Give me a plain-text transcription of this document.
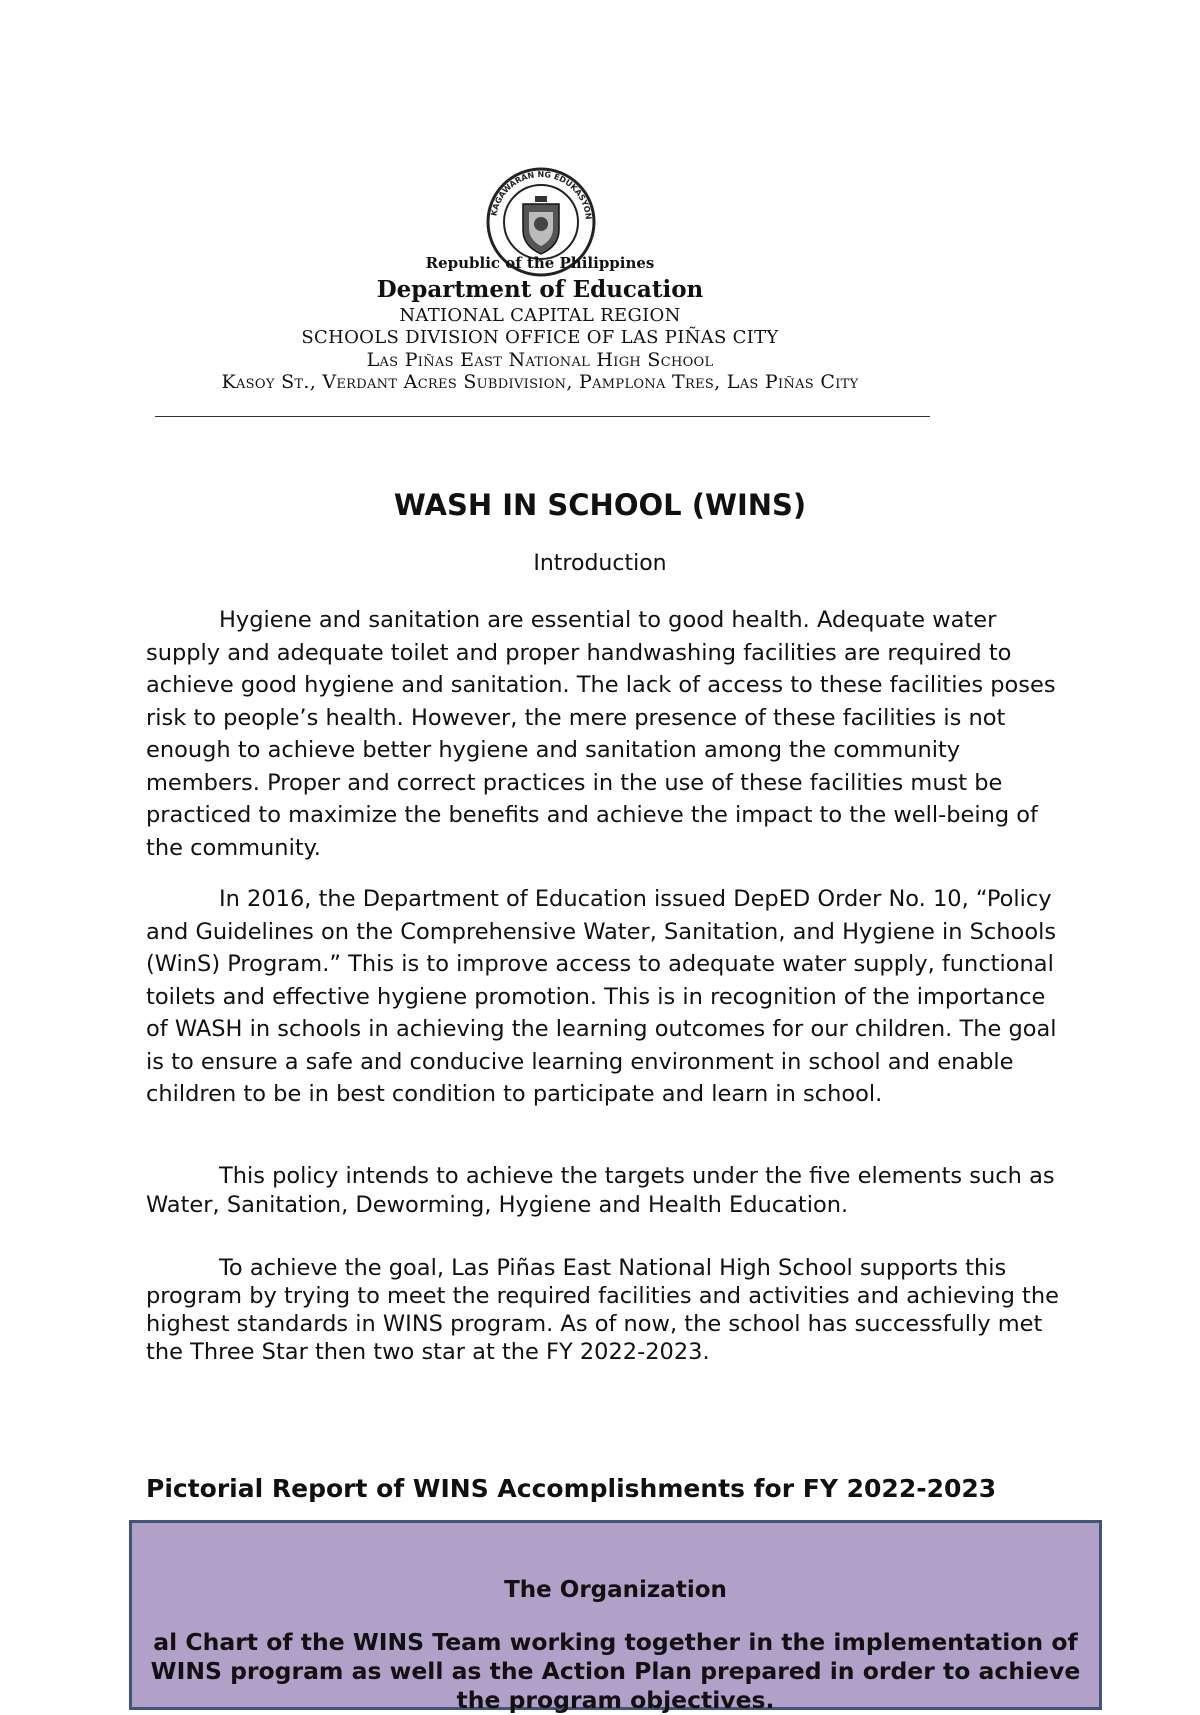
KAGAWARAN NG EDUKASYON
Republic of the Philippines
Department of Education
NATIONAL CAPITAL REGION
SCHOOLS DIVISION OFFICE OF LAS PIÑAS CITY
Las Piñas East National High School
Kasoy St., Verdant Acres Subdivision, Pamplona Tres, Las Piñas City
WASH IN SCHOOL (WINS)
Introduction

Hygiene and sanitation are essential to good health. Adequate water supply and adequate toilet and proper handwashing facilities are required to achieve good hygiene and sanitation. The lack of access to these facilities poses risk to people’s health. However, the mere presence of these facilities is not enough to achieve better hygiene and sanitation among the community members. Proper and correct practices in the use of these facilities must be practiced to maximize the benefits and achieve the impact to the well-being of the community.

In 2016, the Department of Education issued DepED Order No. 10, “Policy and Guidelines on the Comprehensive Water, Sanitation, and Hygiene in Schools (WinS) Program.” This is to improve access to adequate water supply, functional toilets and effective hygiene promotion. This is in recognition of the importance of WASH in schools in achieving the learning outcomes for our children. The goal is to ensure a safe and conducive learning environment in school and enable children to be in best condition to participate and learn in school.

This policy intends to achieve the targets under the five elements such as Water, Sanitation, Deworming, Hygiene and Health Education.

To achieve the goal, Las Piñas East National High School supports this program by trying to meet the required facilities and activities and achieving the highest standards in WINS program. As of now, the school has successfully met the Three Star then two star at the FY 2022-2023.

Pictorial Report of WINS Accomplishments for FY 2022-2023
The Organization
al Chart of the WINS Team working together in the implementation of WINS program as well as the Action Plan prepared in order to achieve the program objectives.
